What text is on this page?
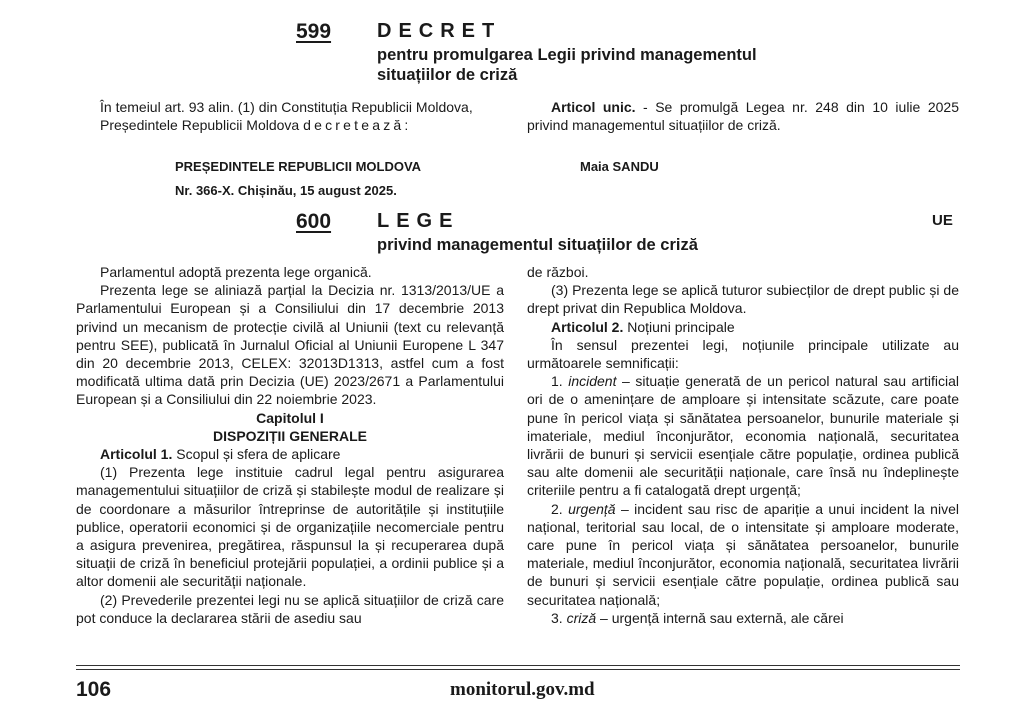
599 DECRET
pentru promulgarea Legii privind managementul
situațiilor de criză

În temeiul art. 93 alin. (1) din Constituția Republicii Moldova,

Președintele Republicii Moldova decretează:

Articol unic. - Se promulgă Legea nr. 248 din 10 iulie 2025 privind managementul situațiilor de criză.

PREȘEDINTELE REPUBLICII MOLDOVA	Maia SANDU
Nr. 366-X. Chișinău, 15 august 2025.
600 LEGE	UE
privind managementul situațiilor de criză

Parlamentul adoptă prezenta lege organică.

Prezenta lege se aliniază parțial la Decizia nr. 1313/2013/UE a Parlamentului European și a Consiliului din 17 decembrie 2013 privind un mecanism de protecție civilă al Uniunii (text cu relevanță pentru SEE), publicată în Jurnalul Oficial al Uniunii Europene L 347 din 20 decembrie 2013, CELEX: 32013D1313, astfel cum a fost modificată ultima dată prin Decizia (UE) 2023/2671 a Parlamentului European și a Consiliului din 22 noiembrie 2023.

Capitolul I

DISPOZIȚII GENERALE

Articolul 1. Scopul și sfera de aplicare

(1) Prezenta lege instituie cadrul legal pentru asigurarea managementului situațiilor de criză și stabilește modul de realizare și de coordonare a măsurilor întreprinse de autoritățile și instituțiile publice, operatorii economici și de organizațiile necomerciale pentru a asigura prevenirea, pregătirea, răspunsul la și recuperarea după situații de criză în beneficiul protejării populației, a ordinii publice și a altor domenii ale securității naționale.

(2) Prevederile prezentei legi nu se aplică situațiilor de criză care pot conduce la declararea stării de asediu sau

de război.

(3) Prezenta lege se aplică tuturor subiecților de drept public și de drept privat din Republica Moldova.

Articolul 2. Noțiuni principale

În sensul prezentei legi, noțiunile principale utilizate au următoarele semnificații:

1. incident – situație generată de un pericol natural sau artificial ori de o amenințare de amploare și intensitate scăzute, care poate pune în pericol viața și sănătatea persoanelor, bunurile materiale și imateriale, mediul înconjurător, economia națională, securitatea livrării de bunuri și servicii esențiale către populație, ordinea publică sau alte domenii ale securității naționale, care însă nu îndeplinește criteriile pentru a fi catalogată drept urgență;

2. urgență – incident sau risc de apariție a unui incident la nivel național, teritorial sau local, de o intensitate și amploare moderate, care pune în pericol viața și sănătatea persoanelor, bunurile materiale, mediul înconjurător, economia națională, securitatea livrării de bunuri și servicii esențiale către populație, ordinea publică sau securitatea națională;

3. criză – urgență internă sau externă, ale cărei

106	monitorul.gov.md
